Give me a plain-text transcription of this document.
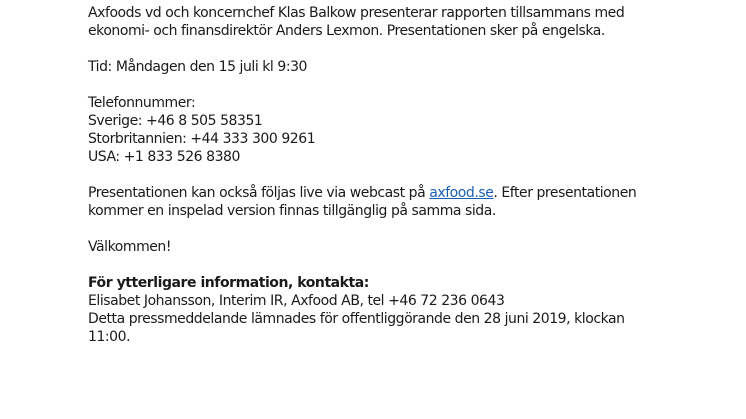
Axfoods vd och koncernchef Klas Balkow presenterar rapporten tillsammans med
ekonomi- och finansdirektör Anders Lexmon. Presentationen sker på engelska.
Tid: Måndagen den 15 juli kl 9:30
Telefonnummer:
Sverige: +46 8 505 58351
Storbritannien: +44 333 300 9261
USA: +1 833 526 8380
Presentationen kan också följas live via webcast på axfood.se. Efter presentationen
kommer en inspelad version finnas tillgänglig på samma sida.
Välkommen!
För ytterligare information, kontakta:
Elisabet Johansson, Interim IR, Axfood AB, tel +46 72 236 0643
Detta pressmeddelande lämnades för offentliggörande den 28 juni 2019, klockan
11:00.
